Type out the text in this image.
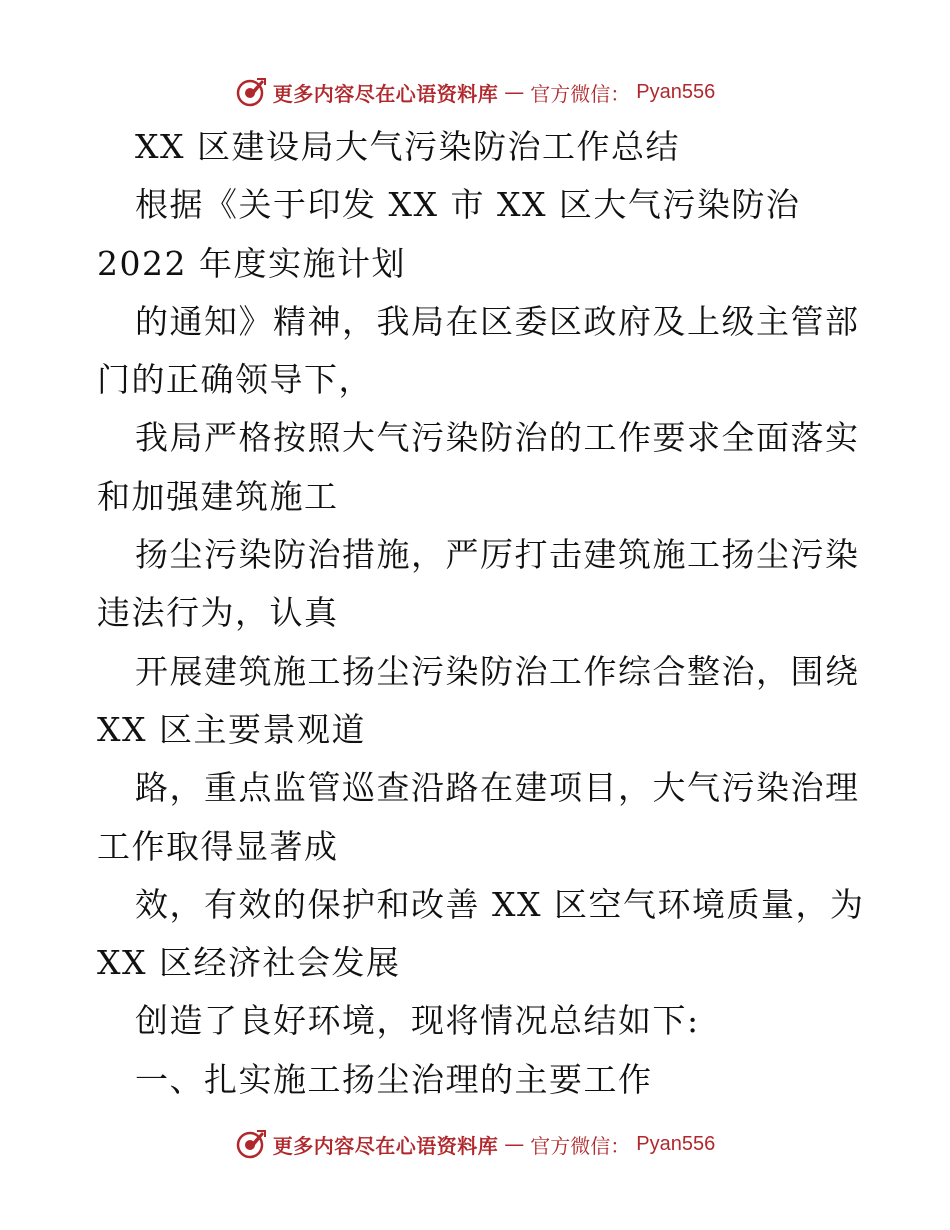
更多内容尽在心语资料库 — 官方微信： Pyan556
XX 区建设局大气污染防治工作总结
根据《关于印发 XX 市 XX 区大气污染防治
2022 年度实施计划
的通知》精神，我局在区委区政府及上级主管部
门的正确领导下，
我局严格按照大气污染防治的工作要求全面落实
和加强建筑施工
扬尘污染防治措施，严厉打击建筑施工扬尘污染
违法行为，认真
开展建筑施工扬尘污染防治工作综合整治，围绕
XX 区主要景观道
路，重点监管巡查沿路在建项目，大气污染治理
工作取得显著成
效，有效的保护和改善 XX 区空气环境质量，为
XX 区经济社会发展
创造了良好环境，现将情况总结如下:
一、扎实施工扬尘治理的主要工作
更多内容尽在心语资料库 — 官方微信： Pyan556
